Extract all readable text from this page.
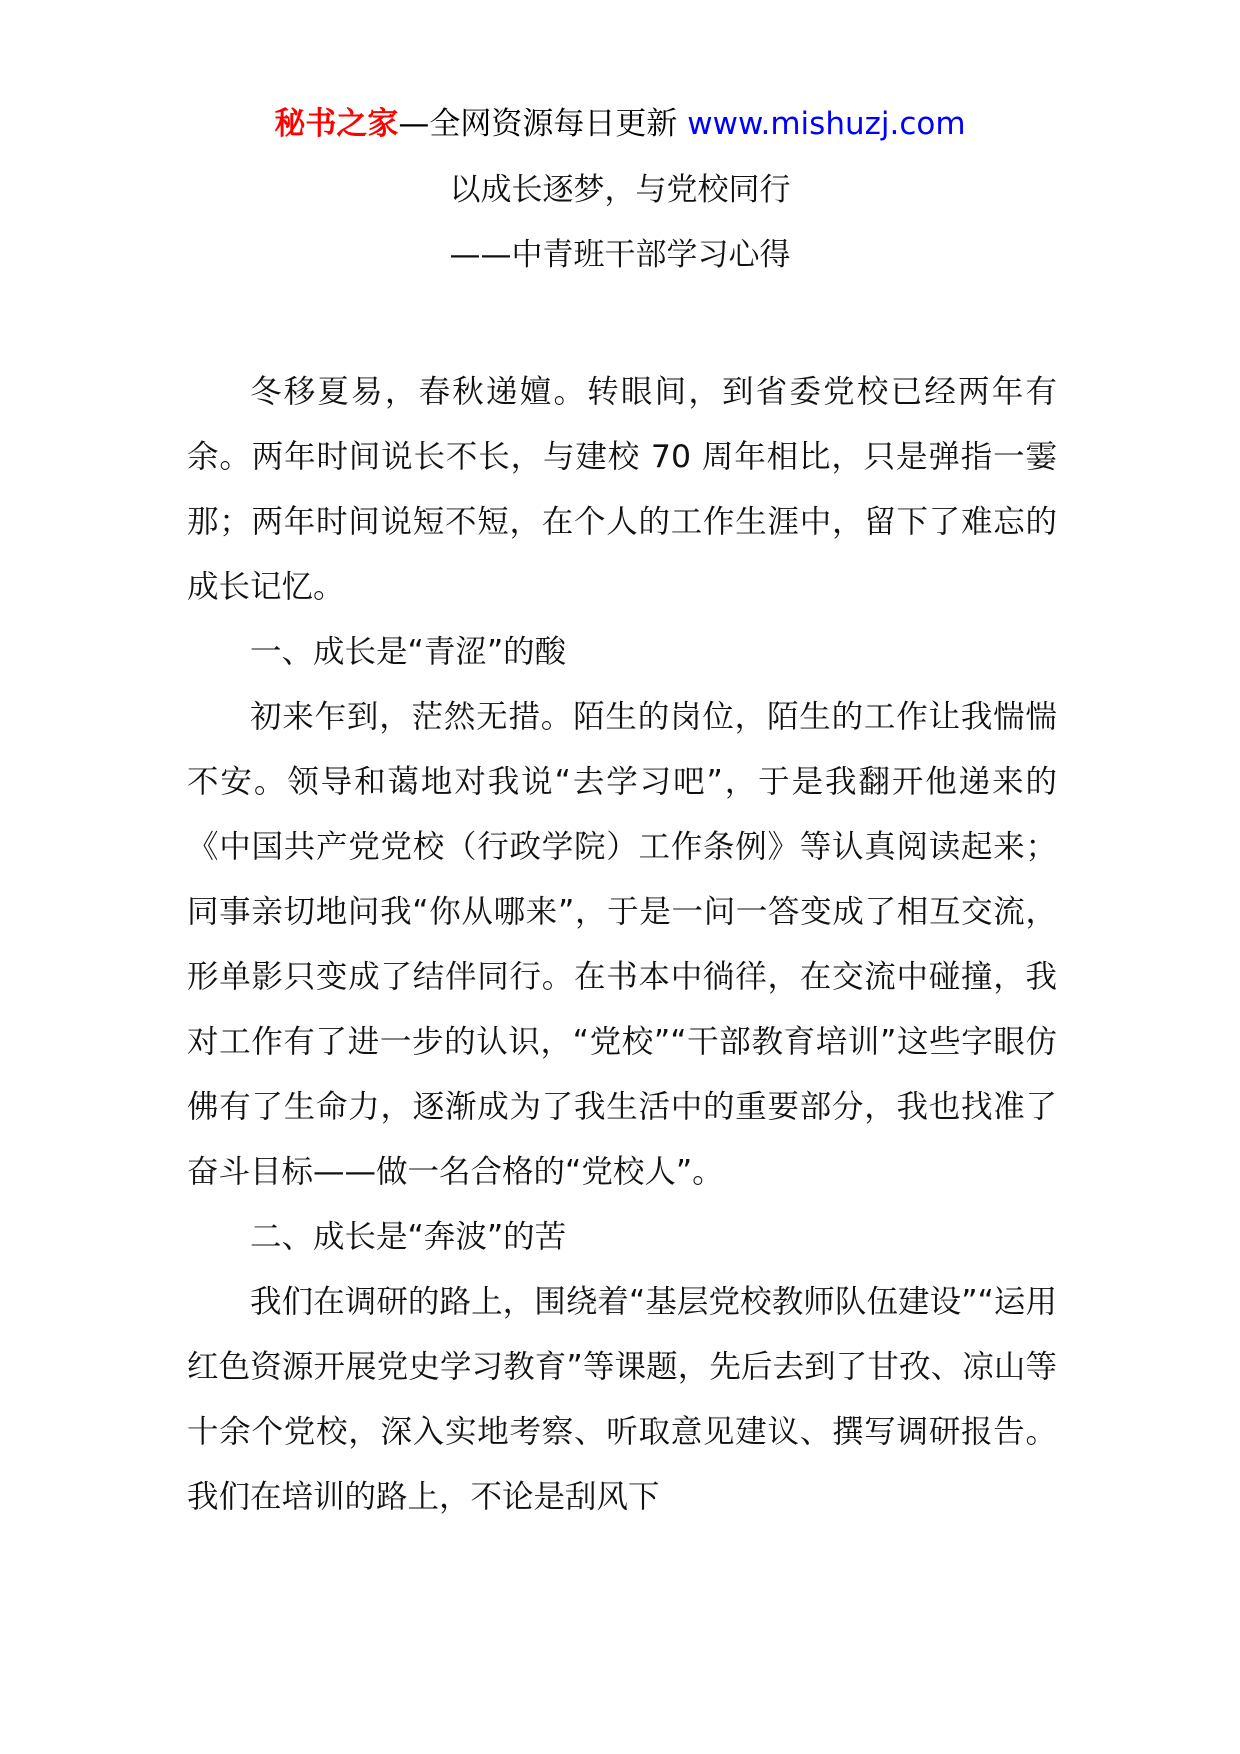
秘书之家—全网资源每日更新 www.mishuzj.com
以成长逐梦，与党校同行
——中青班干部学习心得

冬移夏易，春秋递嬗。转眼间，到省委党校已经两年有余。两年时间说长不长，与建校 70 周年相比，只是弹指一霎那；两年时间说短不短，在个人的工作生涯中，留下了难忘的成长记忆。

一、成长是“青涩”的酸

初来乍到，茫然无措。陌生的岗位，陌生的工作让我惴惴不安。领导和蔼地对我说“去学习吧”，于是我翻开他递来的《中国共产党党校（行政学院）工作条例》等认真阅读起来；同事亲切地问我“你从哪来”，于是一问一答变成了相互交流，形单影只变成了结伴同行。在书本中徜徉，在交流中碰撞，我对工作有了进一步的认识，“党校”“干部教育培训”这些字眼仿佛有了生命力，逐渐成为了我生活中的重要部分，我也找准了奋斗目标——做一名合格的“党校人”。

二、成长是“奔波”的苦

我们在调研的路上，围绕着“基层党校教师队伍建设”“运用红色资源开展党史学习教育”等课题，先后去到了甘孜、凉山等十余个党校，深入实地考察、听取意见建议、撰写调研报告。我们在培训的路上，不论是刮风下
